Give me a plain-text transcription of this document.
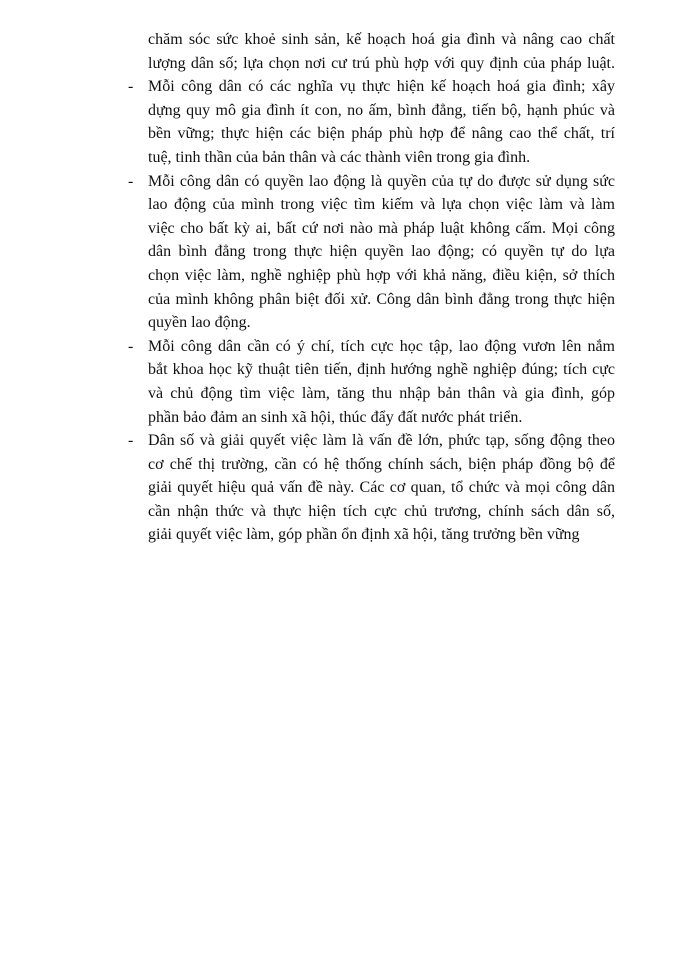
chăm sóc sức khoẻ sinh sản, kế hoạch hoá gia đình và nâng cao chất
lượng dân số; lựa chọn nơi cư trú phù hợp với quy định của pháp luật.
- Mỗi công dân có các nghĩa vụ thực hiện kế hoạch hoá gia đình; xây
dựng quy mô gia đình ít con, no ấm, bình đẳng, tiến bộ, hạnh phúc và
bền vững; thực hiện các biện pháp phù hợp để nâng cao thể chất, trí
tuệ, tinh thần của bản thân và các thành viên trong gia đình.
- Mỗi công dân có quyền lao động là quyền của tự do được sử dụng sức
lao động của mình trong việc tìm kiếm và lựa chọn việc làm và làm
việc cho bất kỳ ai, bất cứ nơi nào mà pháp luật không cấm. Mọi công
dân bình đẳng trong thực hiện quyền lao động; có quyền tự do lựa
chọn việc làm, nghề nghiệp phù hợp với khả năng, điều kiện, sở thích
của mình không phân biệt đối xử. Công dân bình đẳng trong thực hiện
quyền lao động.
- Mỗi công dân cần có ý chí, tích cực học tập, lao động vươn lên nắm
bắt khoa học kỹ thuật tiên tiến, định hướng nghề nghiệp đúng; tích cực
và chủ động tìm việc làm, tăng thu nhập bản thân và gia đình, góp
phần bảo đảm an sinh xã hội, thúc đẩy đất nước phát triển.
- Dân số và giải quyết việc làm là vấn đề lớn, phức tạp, sống động theo
cơ chế thị trường, cần có hệ thống chính sách, biện pháp đồng bộ để
giải quyết hiệu quả vấn đề này. Các cơ quan, tổ chức và mọi công dân
cần nhận thức và thực hiện tích cực chủ trương, chính sách dân số,
giải quyết việc làm, góp phần ổn định xã hội, tăng trưởng bền vững
